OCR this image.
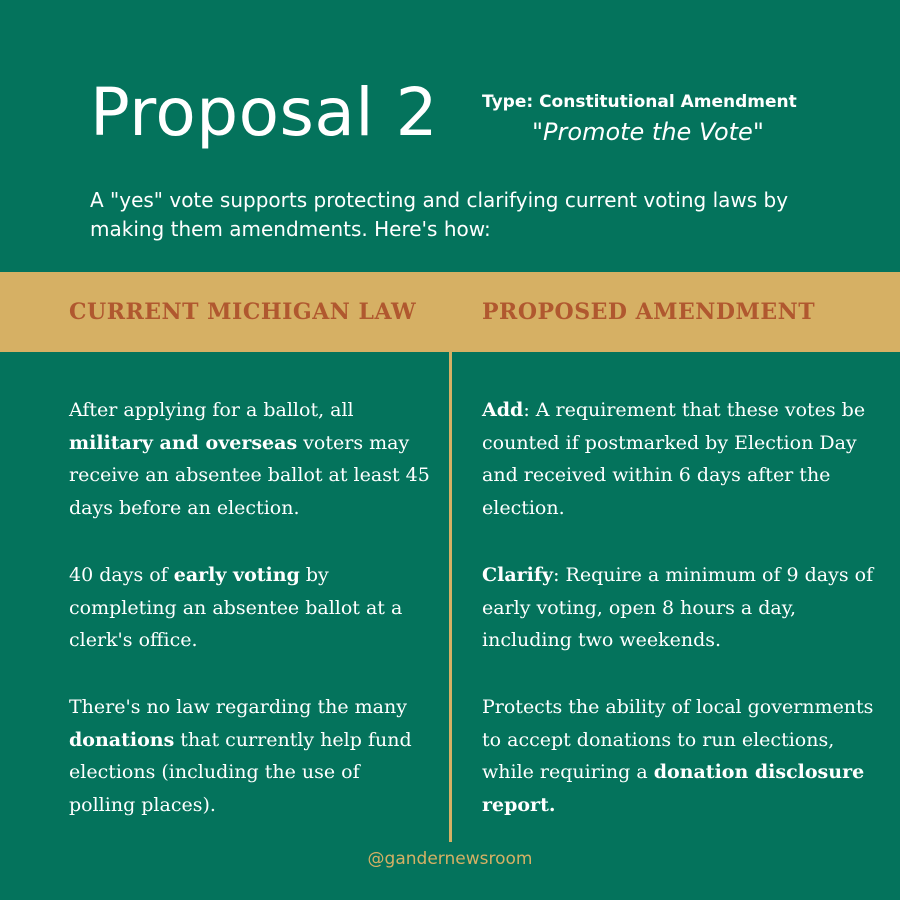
Proposal 2	Type: Constitutional Amendment
"Promote the Vote"
A "yes" vote supports protecting and clarifying current voting laws by making them amendments. Here's how:
CURRENT MICHIGAN LAW	PROPOSED AMENDMENT
After applying for a ballot, all military and overseas voters may receive an absentee ballot at least 45 days before an election.
Add: A requirement that these votes be counted if postmarked by Election Day and received within 6 days after the election.
40 days of early voting by completing an absentee ballot at a clerk's office.
Clarify: Require a minimum of 9 days of early voting, open 8 hours a day, including two weekends.
There's no law regarding the many donations that currently help fund elections (including the use of polling places).
Protects the ability of local governments to accept donations to run elections, while requiring a donation disclosure report.
@gandernewsroom
